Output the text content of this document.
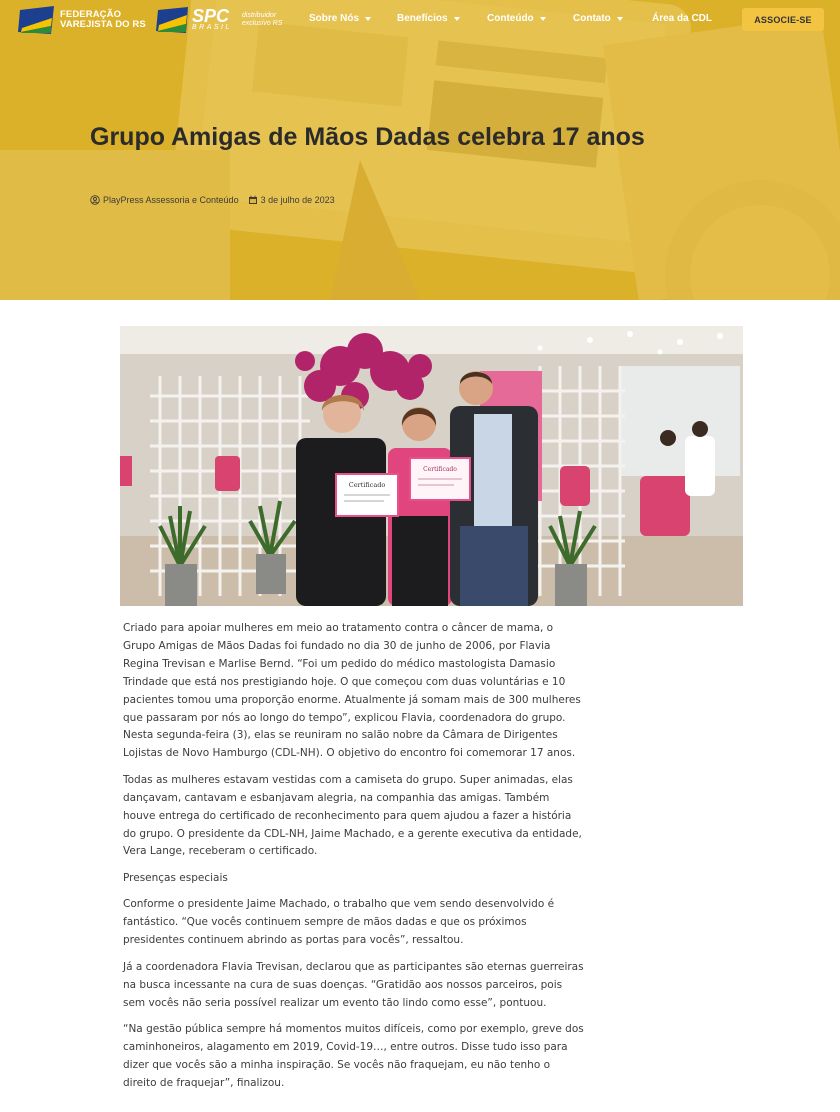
FEDERAÇÃO
VAREJISTA DO RS	SPC
BRASIL
distribuidor
exclusivo RS	Sobre Nós	Benefícios	Conteúdo	Contato	Área da CDL	ASSOCIE-SE
Grupo Amigas de Mãos Dadas celebra 17 anos
PlayPress Assessoria e Conteúdo 3 de julho de 2023
Certificado
Certificado

Criado para apoiar mulheres em meio ao tratamento contra o câncer de mama, o Grupo Amigas de Mãos Dadas foi fundado no dia 30 de junho de 2006, por Flavia Regina Trevisan e Marlise Bernd. “Foi um pedido do médico mastologista Damasio Trindade que está nos prestigiando hoje. O que começou com duas voluntárias e 10 pacientes tomou uma proporção enorme. Atualmente já somam mais de 300 mulheres que passaram por nós ao longo do tempo”, explicou Flavia, coordenadora do grupo. Nesta segunda-feira (3), elas se reuniram no salão nobre da Câmara de Dirigentes Lojistas de Novo Hamburgo (CDL-NH). O objetivo do encontro foi comemorar 17 anos.

Todas as mulheres estavam vestidas com a camiseta do grupo. Super animadas, elas dançavam, cantavam e esbanjavam alegria, na companhia das amigas. Também houve entrega do certificado de reconhecimento para quem ajudou a fazer a história do grupo. O presidente da CDL-NH, Jaime Machado, e a gerente executiva da entidade, Vera Lange, receberam o certificado.

Presenças especiais

Conforme o presidente Jaime Machado, o trabalho que vem sendo desenvolvido é fantástico. “Que vocês continuem sempre de mãos dadas e que os próximos presidentes continuem abrindo as portas para vocês”, ressaltou.

Já a coordenadora Flavia Trevisan, declarou que as participantes são eternas guerreiras na busca incessante na cura de suas doenças. “Gratidão aos nossos parceiros, pois sem vocês não seria possível realizar um evento tão lindo como esse”, pontuou.

“Na gestão pública sempre há momentos muitos difíceis, como por exemplo, greve dos caminhoneiros, alagamento em 2019, Covid-19…, entre outros. Disse tudo isso para dizer que vocês são a minha inspiração. Se vocês não fraquejam, eu não tenho o direito de fraquejar”, finalizou.
